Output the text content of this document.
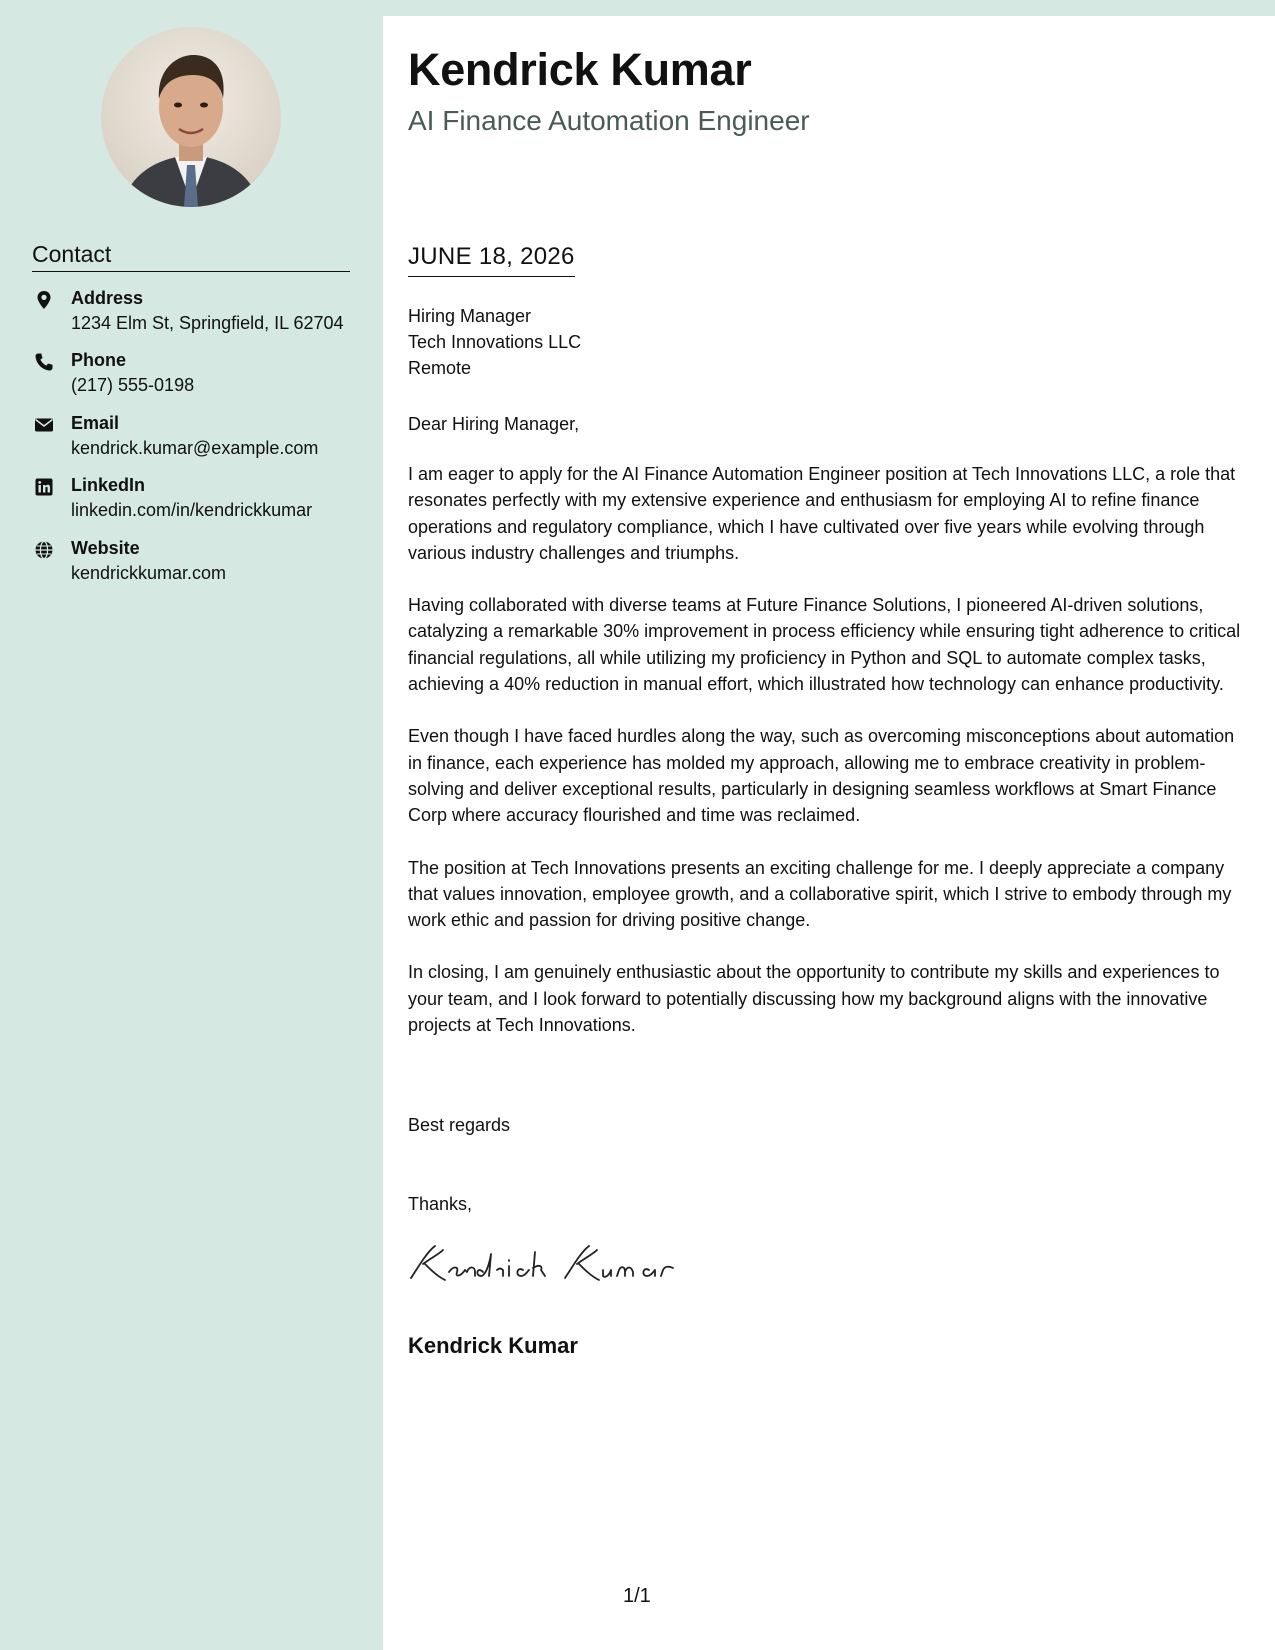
Contact
Address
1234 Elm St, Springfield, IL 62704
Phone
(217) 555-0198
Email
kendrick.kumar@example.com
LinkedIn
linkedin.com/in/kendrickkumar
Website
kendrickkumar.com
Kendrick Kumar
AI Finance Automation Engineer
JUNE 18, 2026
Hiring Manager
Tech Innovations LLC
Remote
Dear Hiring Manager,

I am eager to apply for the AI Finance Automation Engineer position at Tech Innovations LLC, a role that resonates perfectly with my extensive experience and enthusiasm for employing AI to refine finance operations and regulatory compliance, which I have cultivated over five years while evolving through various industry challenges and triumphs.

Having collaborated with diverse teams at Future Finance Solutions, I pioneered AI-driven solutions, catalyzing a remarkable 30% improvement in process efficiency while ensuring tight adherence to critical financial regulations, all while utilizing my proficiency in Python and SQL to automate complex tasks, achieving a 40% reduction in manual effort, which illustrated how technology can enhance productivity.

Even though I have faced hurdles along the way, such as overcoming misconceptions about automation in finance, each experience has molded my approach, allowing me to embrace creativity in problem-solving and deliver exceptional results, particularly in designing seamless workflows at Smart Finance Corp where accuracy flourished and time was reclaimed.

The position at Tech Innovations presents an exciting challenge for me. I deeply appreciate a company that values innovation, employee growth, and a collaborative spirit, which I strive to embody through my work ethic and passion for driving positive change.

In closing, I am genuinely enthusiastic about the opportunity to contribute my skills and experiences to your team, and I look forward to potentially discussing how my background aligns with the innovative projects at Tech Innovations.

Best regards
Thanks,
Kendrick Kumar
Kendrick Kumar
1/1
